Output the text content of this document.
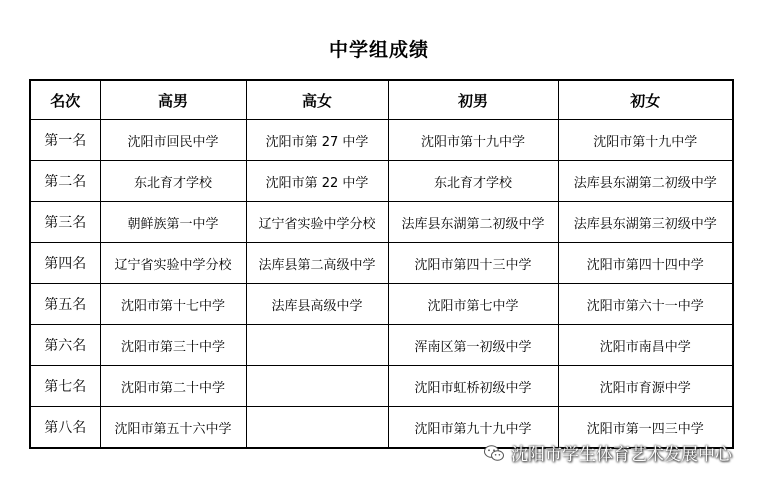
中学组成绩
名次	高男	高女	初男	初女
第一名	沈阳市回民中学	沈阳市第 27 中学	沈阳市第十九中学	沈阳市第十九中学
第二名	东北育才学校	沈阳市第 22 中学	东北育才学校	法库县东湖第二初级中学
第三名	朝鲜族第一中学	辽宁省实验中学分校	法库县东湖第二初级中学	法库县东湖第三初级中学
第四名	辽宁省实验中学分校	法库县第二高级中学	沈阳市第四十三中学	沈阳市第四十四中学
第五名	沈阳市第十七中学	法库县高级中学	沈阳市第七中学	沈阳市第六十一中学
第六名	沈阳市第三十中学		浑南区第一初级中学	沈阳市南昌中学
第七名	沈阳市第二十中学		沈阳市虹桥初级中学	沈阳市育源中学
第八名	沈阳市第五十六中学		沈阳市第九十九中学	沈阳市第一四三中学
沈阳市学生体育艺术发展中心
